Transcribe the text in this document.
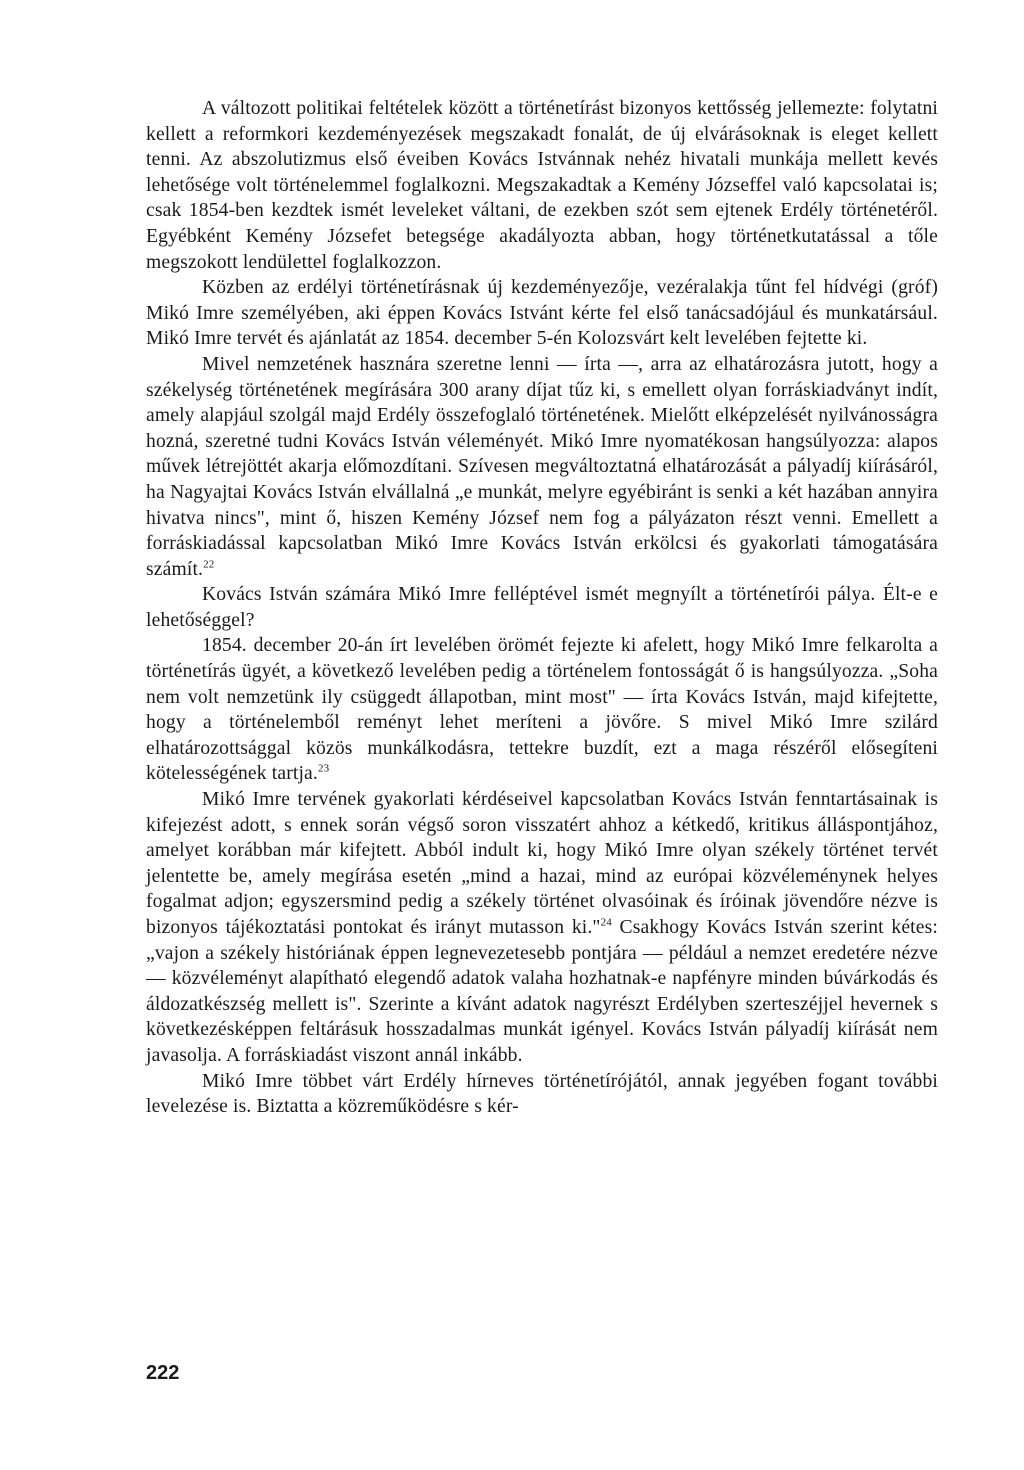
A változott politikai feltételek között a történetírást bizonyos kettősség jellemezte: folytatni kellett a reformkori kezdeményezések megszakadt fonalát, de új elvárásoknak is eleget kellett tenni. Az abszolutizmus első éveiben Kovács Istvánnak nehéz hivatali munkája mellett kevés lehetősége volt történelemmel foglalkozni. Megszakadtak a Kemény Józseffel való kapcsolatai is; csak 1854-ben kezdtek ismét leveleket váltani, de ezekben szót sem ejtenek Erdély történetéről. Egyébként Kemény Józsefet betegsége akadályozta abban, hogy történetkutatással a tőle megszokott lendülettel foglalkozzon.

Közben az erdélyi történetírásnak új kezdeményezője, vezéralakja tűnt fel hídvégi (gróf) Mikó Imre személyében, aki éppen Kovács Istvánt kérte fel első tanácsadójául és munkatársául. Mikó Imre tervét és ajánlatát az 1854. december 5-én Kolozsvárt kelt levelében fejtette ki.

Mivel nemzetének hasznára szeretne lenni — írta —, arra az elhatározásra jutott, hogy a székelység történetének megírására 300 arany díjat tűz ki, s emellett olyan forráskiadványt indít, amely alapjául szolgál majd Erdély összefoglaló történetének. Mielőtt elképzelését nyilvánosságra hozná, szeretné tudni Kovács István véleményét. Mikó Imre nyomatékosan hangsúlyozza: alapos művek létrejöttét akarja előmozdítani. Szívesen megváltoztatná elhatározását a pályadíj kiírásáról, ha Nagyajtai Kovács István elvállalná „e munkát, melyre egyébiránt is senki a két hazában annyira hivatva nincs", mint ő, hiszen Kemény József nem fog a pályázaton részt venni. Emellett a forráskiadással kapcsolatban Mikó Imre Kovács István erkölcsi és gyakorlati támogatására számít.$^{22}$

Kovács István számára Mikó Imre felléptével ismét megnyílt a történetírói pálya. Élt-e e lehetőséggel?

1854. december 20-án írt levelében örömét fejezte ki afelett, hogy Mikó Imre felkarolta a történetírás ügyét, a következő levelében pedig a történelem fontosságát ő is hangsúlyozza. „Soha nem volt nemzetünk ily csüggedt állapotban, mint most" — írta Kovács István, majd kifejtette, hogy a történelemből reményt lehet meríteni a jövőre. S mivel Mikó Imre szilárd elhatározottsággal közös munkálkodásra, tettekre buzdít, ezt a maga részéről elősegíteni kötelességének tartja.$^{23}$

Mikó Imre tervének gyakorlati kérdéseivel kapcsolatban Kovács István fenntartásainak is kifejezést adott, s ennek során végső soron visszatért ahhoz a kétkedő, kritikus álláspontjához, amelyet korábban már kifejtett. Abból indult ki, hogy Mikó Imre olyan székely történet tervét jelentette be, amely megírása esetén „mind a hazai, mind az európai közvéleménynek helyes fogalmat adjon; egyszersmind pedig a székely történet olvasóinak és íróinak jövendőre nézve is bizonyos tájékoztatási pontokat és irányt mutasson ki."$^{24}$ Csakhogy Kovács István szerint kétes: „vajon a székely históriának éppen legnevezetesebb pontjára — például a nemzet eredetére nézve — közvéleményt alapítható elegendő adatok valaha hozhatnak-e napfényre minden búvárkodás és áldozatkészség mellett is". Szerinte a kívánt adatok nagyrészt Erdélyben szerteszéjjel hevernek s következésképpen feltárásuk hosszadalmas munkát igényel. Kovács István pályadíj kiírását nem javasolja. A forráskiadást viszont annál inkább.

Mikó Imre többet várt Erdély hírneves történetírójától, annak jegyében fogant további levelezése is. Biztatta a közreműködésre s kér-

222
